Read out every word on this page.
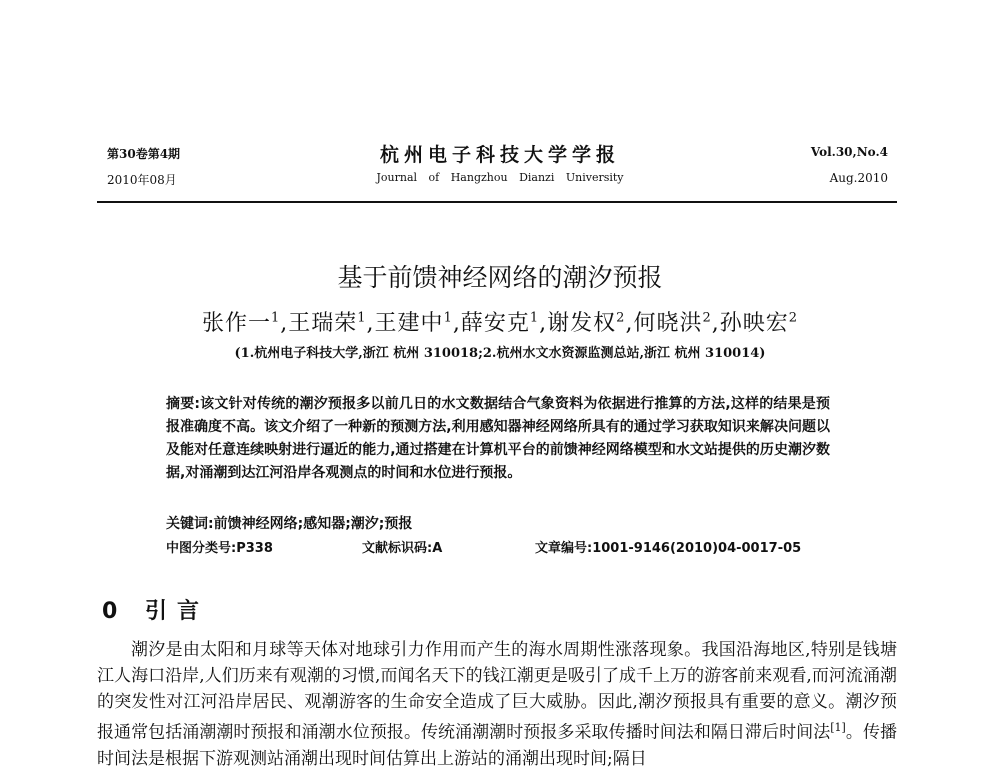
第30卷第4期
2010年08月
杭州电子科技大学学报
Journal of Hangzhou Dianzi University
Vol.30,No.4
Aug.2010
基于前馈神经网络的潮汐预报
张作一$^1$,王瑞荣$^1$,王建中$^1$,薛安克$^1$,谢发权$^2$,何晓洪$^2$,孙映宏$^2$
(1.杭州电子科技大学,浙江 杭州 310018;2.杭州水文水资源监测总站,浙江 杭州 310014)
摘要:该文针对传统的潮汐预报多以前几日的水文数据结合气象资料为依据进行推算的方法,这样的结果是预报准确度不高。该文介绍了一种新的预测方法,利用感知器神经网络所具有的通过学习获取知识来解决问题以及能对任意连续映射进行逼近的能力,通过搭建在计算机平台的前馈神经网络模型和水文站提供的历史潮汐数据,对涌潮到达江河沿岸各观测点的时间和水位进行预报。
关键词:前馈神经网络;感知器;潮汐;预报
中图分类号:P338	文献标识码:A	文章编号:1001-9146(2010)04-0017-05
0 引言
潮汐是由太阳和月球等天体对地球引力作用而产生的海水周期性涨落现象。我国沿海地区,特别是钱塘江人海口沿岸,人们历来有观潮的习惯,而闻名天下的钱江潮更是吸引了成千上万的游客前来观看,而河流涌潮的突发性对江河沿岸居民、观潮游客的生命安全造成了巨大威胁。因此,潮汐预报具有重要的意义。潮汐预报通常包括涌潮潮时预报和涌潮水位预报。传统涌潮潮时预报多采取传播时间法和隔日滞后时间法[1]。传播时间法是根据下游观测站涌潮出现时间估算出上游站的涌潮出现时间;隔日
